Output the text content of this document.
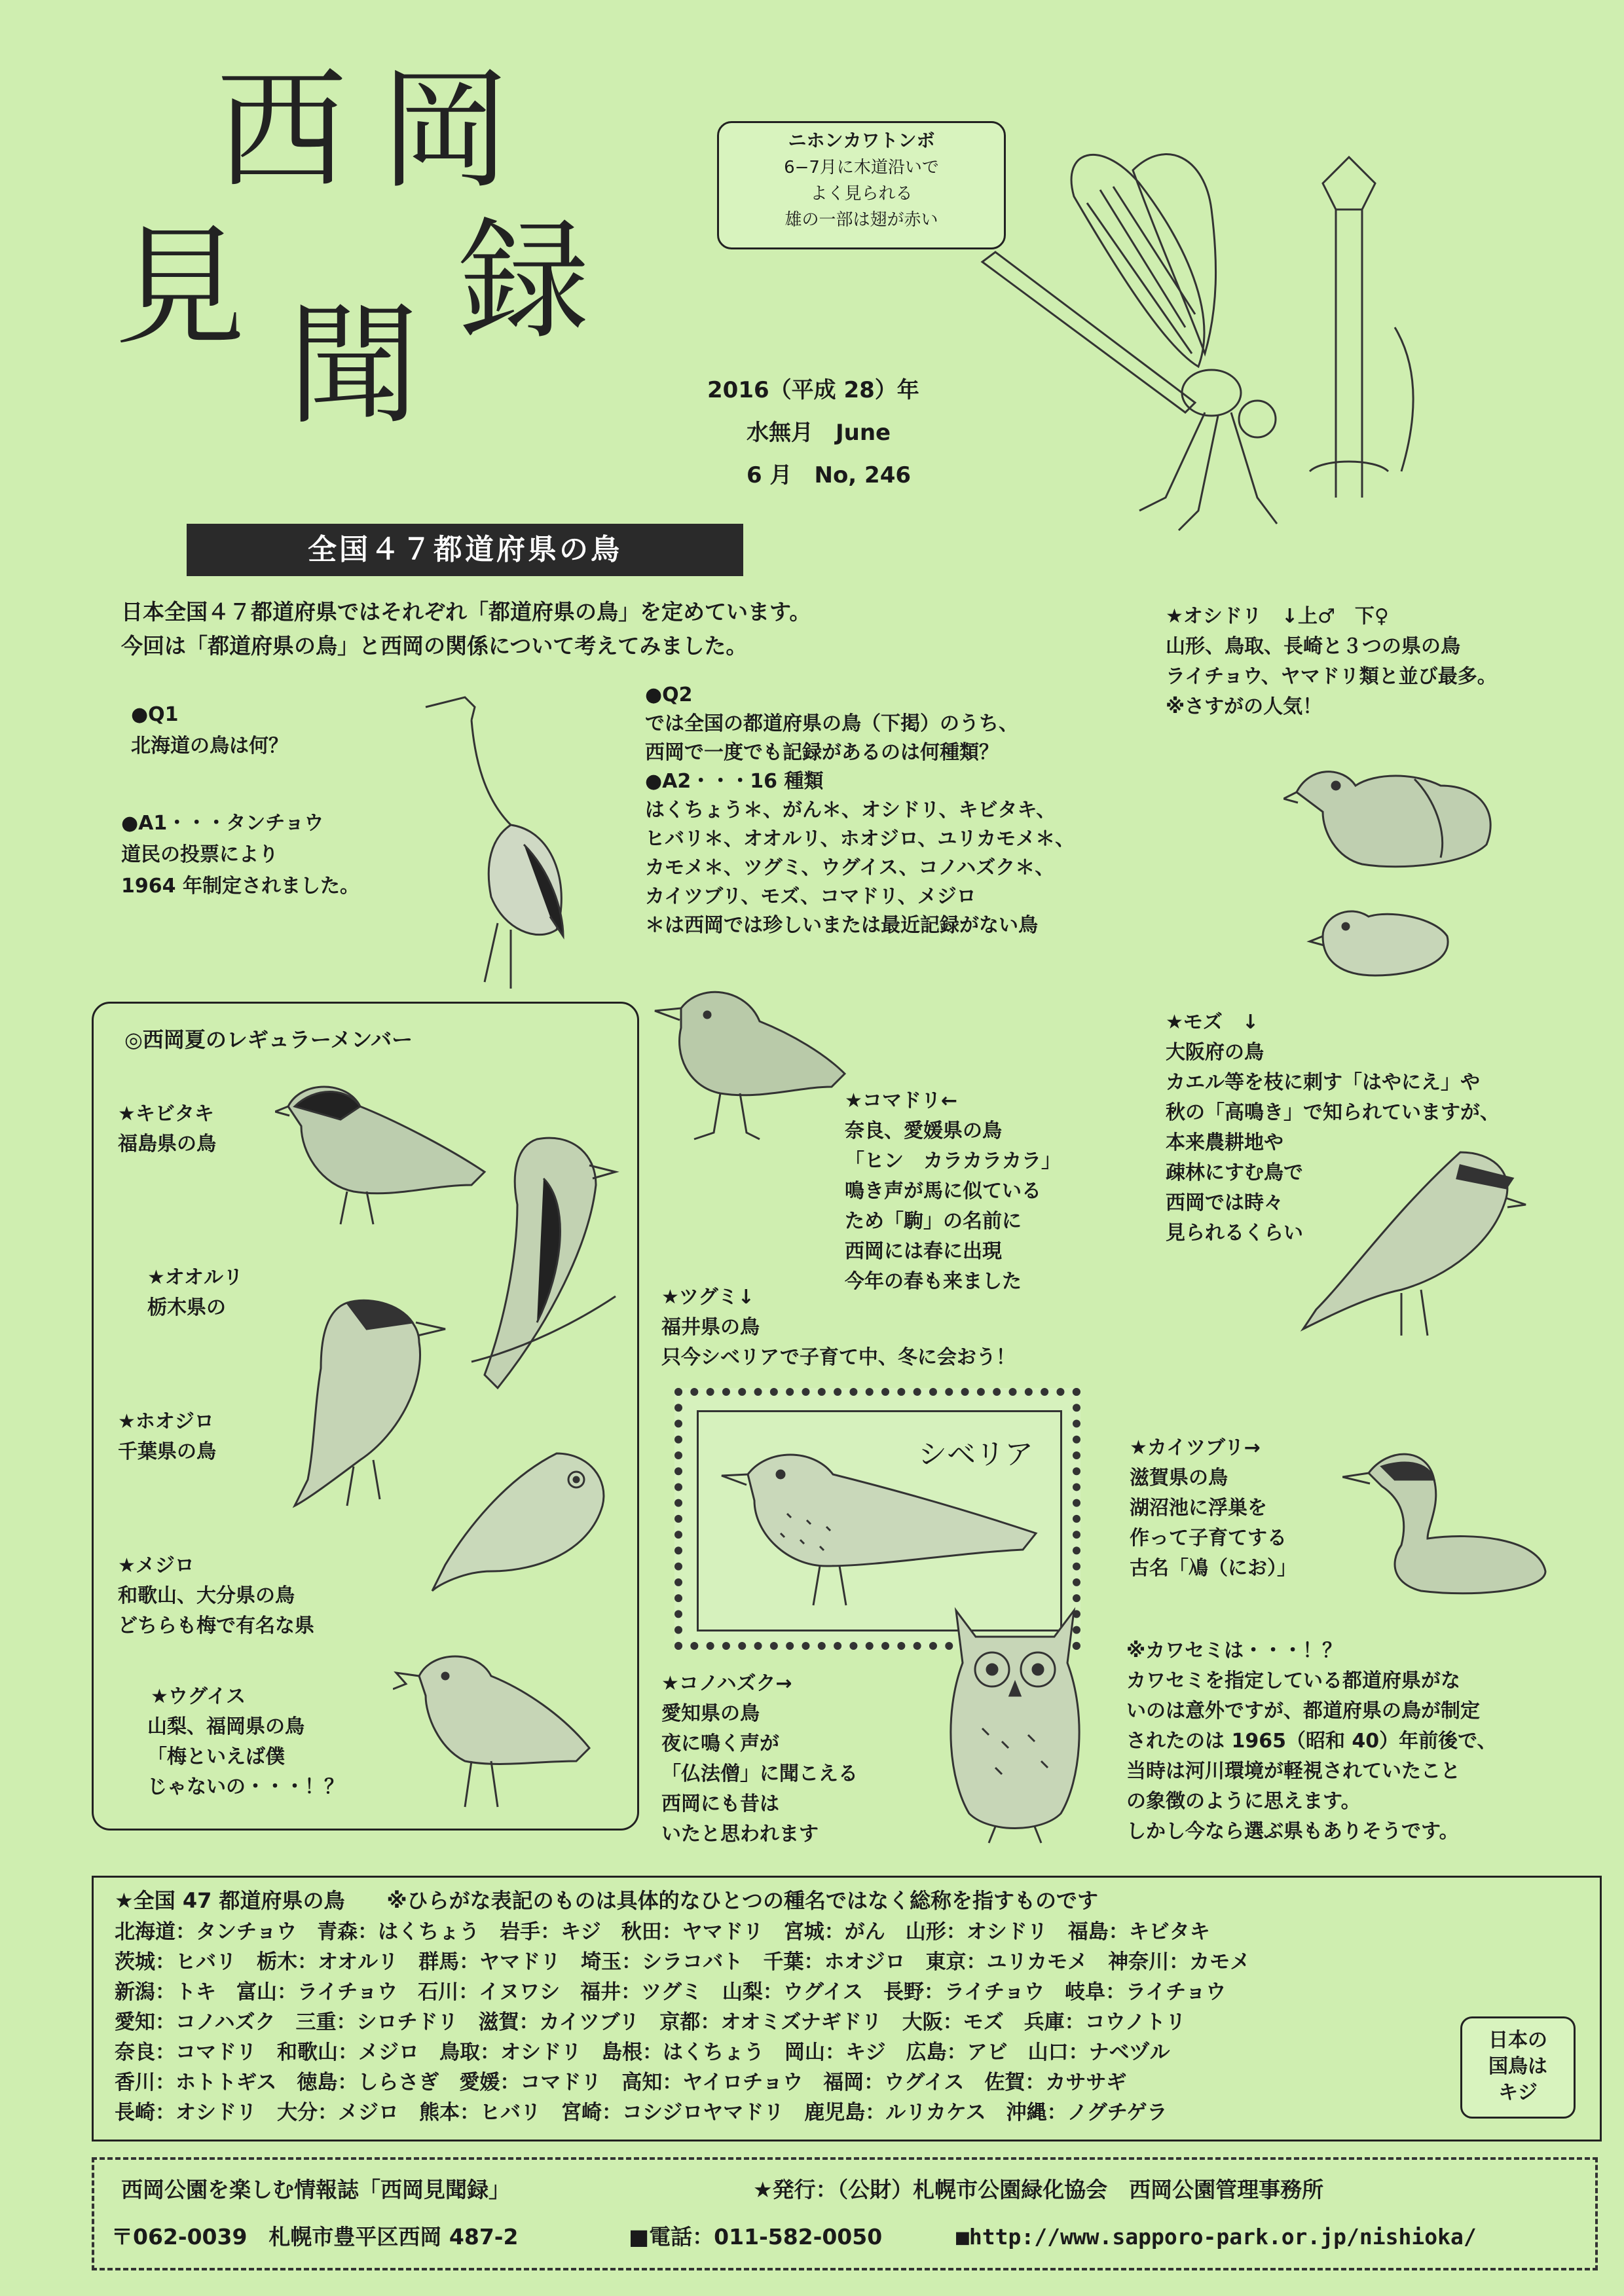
西 岡
見 録
聞	2016（平成 28）年
水無月　June
6 月　No, 246
ニホンカワトンボ
6−7月に木道沿いで
よく見られる
雄の一部は翅が赤い
全国４７都道府県の鳥
日本全国４７都道府県ではそれぞれ「都道府県の鳥」を定めています。
今回は「都道府県の鳥」と西岡の関係について考えてみました。
●Q1
北海道の鳥は何？
●A1・・・タンチョウ
道民の投票により
1964 年制定されました。
●Q2
では全国の都道府県の鳥（下掲）のうち、
西岡で一度でも記録があるのは何種類？
●A2・・・16 種類
はくちょう＊、がん＊、オシドリ、キビタキ、
ヒバリ＊、オオルリ、ホオジロ、ユリカモメ＊、
カモメ＊、ツグミ、ウグイス、コノハズク＊、
カイツブリ、モズ、コマドリ、メジロ
＊は西岡では珍しいまたは最近記録がない鳥
★オシドリ　↓上♂　下♀
山形、鳥取、長崎と３つの県の鳥
ライチョウ、ヤマドリ類と並び最多。
※さすがの人気！
◎西岡夏のレギュラーメンバー
★キビタキ
福島県の鳥
★オオルリ
栃木県の
★ホオジロ
千葉県の鳥
★メジロ
和歌山、大分県の鳥
どちらも梅で有名な県
★ウグイス
山梨、福岡県の鳥
「梅といえば僕
じゃないの・・・！？
★コマドリ←
奈良、愛媛県の鳥
「ヒン　カラカラカラ」
鳴き声が馬に似ている
ため「駒」の名前に
西岡には春に出現
今年の春も来ました
★モズ　↓
大阪府の鳥
カエル等を枝に刺す「はやにえ」や
秋の「高鳴き」で知られていますが、
本来農耕地や
疎林にすむ鳥で
西岡では時々
見られるくらい
★ツグミ↓
福井県の鳥
只今シベリアで子育て中、冬に会おう！
シベリア	★カイツブリ→
滋賀県の鳥
湖沼池に浮巣を
作って子育てする
古名「鳰（にお）」
★コノハズク→
愛知県の鳥
夜に鳴く声が
「仏法僧」に聞こえる
西岡にも昔は
いたと思われます
※カワセミは・・・！？
カワセミを指定している都道府県がな
いのは意外ですが、都道府県の鳥が制定
されたのは 1965（昭和 40）年前後で、
当時は河川環境が軽視されていたこと
の象徴のように思えます。
しかし今なら選ぶ県もありそうです。
★全国 47 都道府県の鳥　　※ひらがな表記のものは具体的なひとつの種名ではなく総称を指すものです
北海道：タンチョウ　青森：はくちょう　岩手：キジ　秋田：ヤマドリ　宮城：がん　山形：オシドリ　福島：キビタキ
茨城：ヒバリ　栃木：オオルリ　群馬：ヤマドリ　埼玉：シラコバト　千葉：ホオジロ　東京：ユリカモメ　神奈川：カモメ
新潟：トキ　富山：ライチョウ　石川：イヌワシ　福井：ツグミ　山梨：ウグイス　長野：ライチョウ　岐阜：ライチョウ
愛知：コノハズク　三重：シロチドリ　滋賀：カイツブリ　京都：オオミズナギドリ　大阪：モズ　兵庫：コウノトリ
奈良：コマドリ　和歌山：メジロ　鳥取：オシドリ　島根：はくちょう　岡山：キジ　広島：アビ　山口：ナベヅル
香川：ホトトギス　徳島：しらさぎ　愛媛：コマドリ　高知：ヤイロチョウ　福岡：ウグイス　佐賀：カササギ
長崎：オシドリ　大分：メジロ　熊本：ヒバリ　宮崎：コシジロヤマドリ　鹿児島：ルリカケス　沖縄：ノグチゲラ
日本の
国鳥は
キジ
西岡公園を楽しむ情報誌「西岡見聞録」	★発行：（公財）札幌市公園緑化協会　西岡公園管理事務所
〒062-0039　札幌市豊平区西岡 487-2	■電話：011-582-0050	■http://www.sapporo-park.or.jp/nishioka/
